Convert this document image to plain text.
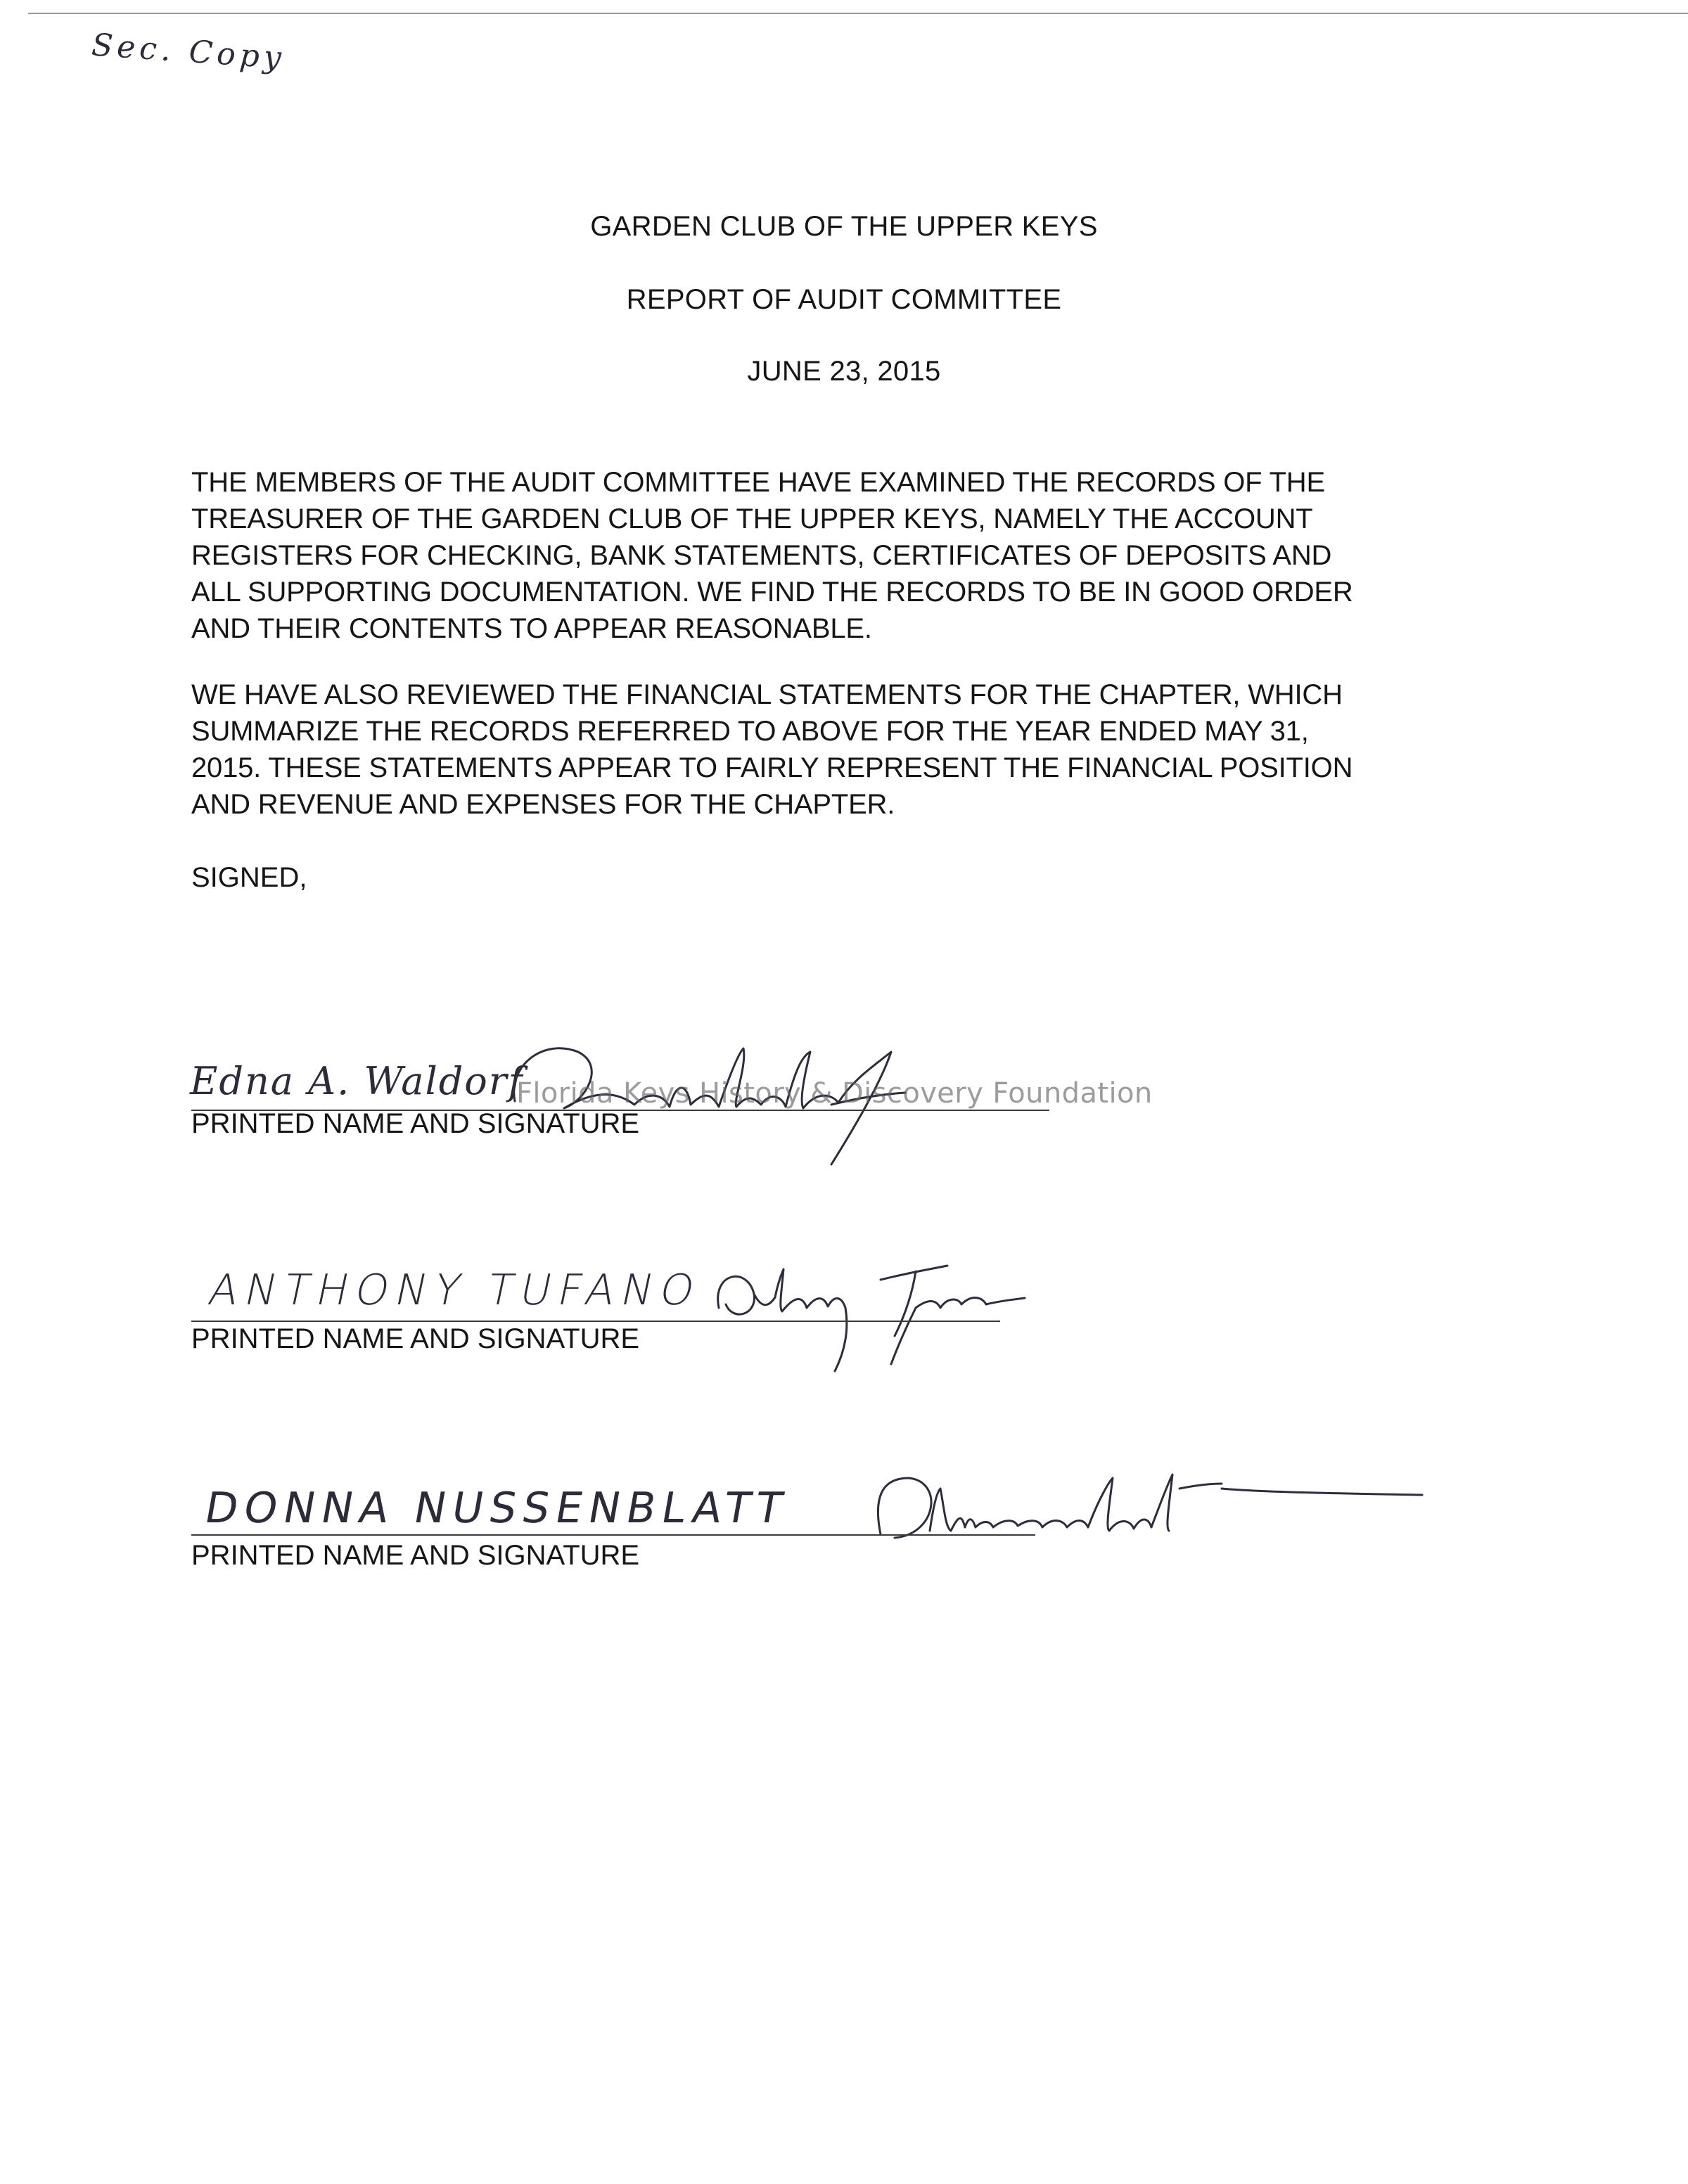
Sec. Copy
GARDEN CLUB OF THE UPPER KEYS
REPORT OF AUDIT COMMITTEE
JUNE 23, 2015
THE MEMBERS OF THE AUDIT COMMITTEE HAVE EXAMINED THE RECORDS OF THE
TREASURER OF THE GARDEN CLUB OF THE UPPER KEYS, NAMELY THE ACCOUNT
REGISTERS FOR CHECKING, BANK STATEMENTS, CERTIFICATES OF DEPOSITS AND
ALL SUPPORTING DOCUMENTATION. WE FIND THE RECORDS TO BE IN GOOD ORDER
AND THEIR CONTENTS TO APPEAR REASONABLE.
WE HAVE ALSO REVIEWED THE FINANCIAL STATEMENTS FOR THE CHAPTER, WHICH
SUMMARIZE THE RECORDS REFERRED TO ABOVE FOR THE YEAR ENDED MAY 31,
2015. THESE STATEMENTS APPEAR TO FAIRLY REPRESENT THE FINANCIAL POSITION
AND REVENUE AND EXPENSES FOR THE CHAPTER.
SIGNED,
Edna A. Waldorf
PRINTED NAME AND SIGNATURE
ANTHONY TUFANO
PRINTED NAME AND SIGNATURE
DONNA NUSSENBLATT
PRINTED NAME AND SIGNATURE
Florida Keys History & Discovery Foundation
